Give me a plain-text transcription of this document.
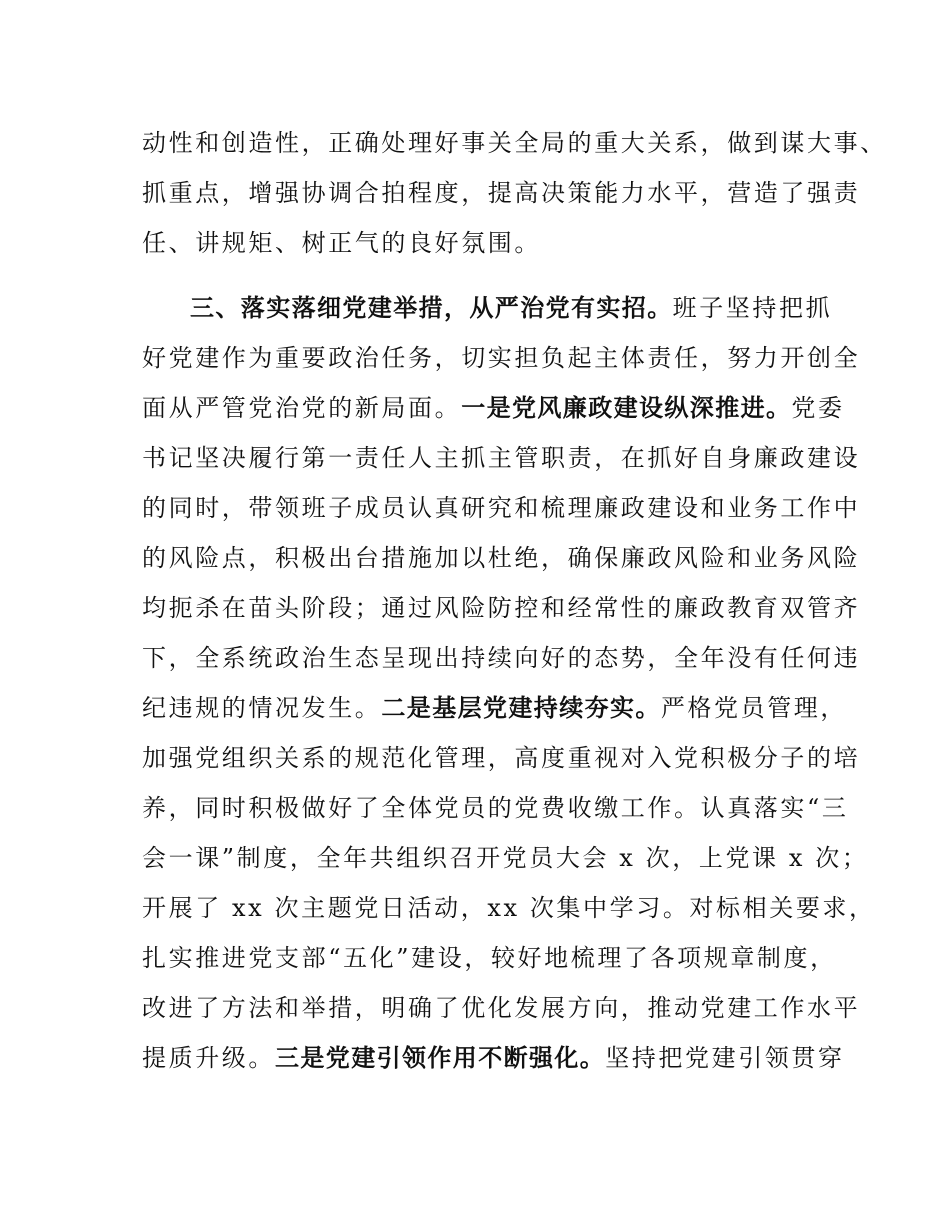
动性和创造性，正确处理好事关全局的重大关系，做到谋大事、
抓重点，增强协调合拍程度，提高决策能力水平，营造了强责
任、讲规矩、树正气的良好氛围。
三、落实落细党建举措，从严治党有实招。班子坚持把抓
好党建作为重要政治任务，切实担负起主体责任，努力开创全
面从严管党治党的新局面。一是党风廉政建设纵深推进。党委
书记坚决履行第一责任人主抓主管职责，在抓好自身廉政建设
的同时，带领班子成员认真研究和梳理廉政建设和业务工作中
的风险点，积极出台措施加以杜绝，确保廉政风险和业务风险
均扼杀在苗头阶段；通过风险防控和经常性的廉政教育双管齐
下，全系统政治生态呈现出持续向好的态势，全年没有任何违
纪违规的情况发生。二是基层党建持续夯实。严格党员管理，
加强党组织关系的规范化管理，高度重视对入党积极分子的培
养，同时积极做好了全体党员的党费收缴工作。认真落实“三
会一课”制度，全年共组织召开党员大会 x 次，上党课 x 次；
开展了 xx 次主题党日活动，xx 次集中学习。对标相关要求，
扎实推进党支部“五化”建设，较好地梳理了各项规章制度，
改进了方法和举措，明确了优化发展方向，推动党建工作水平
提质升级。三是党建引领作用不断强化。坚持把党建引领贯穿
